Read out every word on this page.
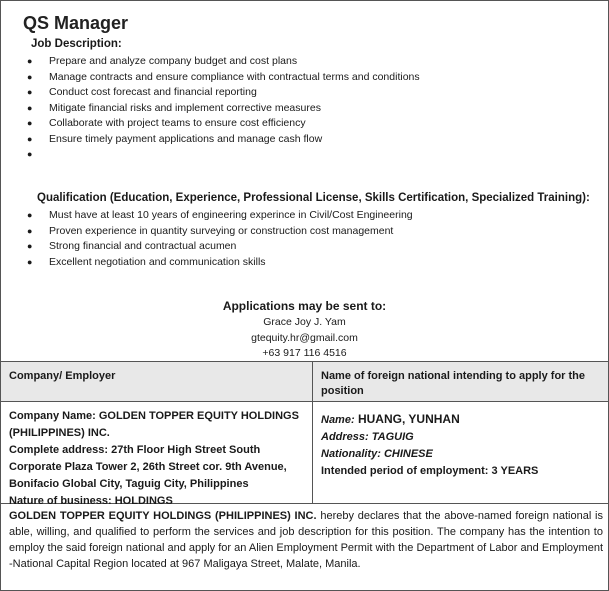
QS Manager
Job Description:
● Prepare and analyze company budget and cost plans
● Manage contracts and ensure compliance with contractual terms and conditions
● Conduct cost forecast and financial reporting
● Mitigate financial risks and implement corrective measures
● Collaborate with project teams to ensure cost efficiency
● Ensure timely payment applications and manage cash flow
●
Qualification (Education, Experience, Professional License, Skills Certification, Specialized Training):
● Must have at least 10 years of engineering experince in Civil/Cost Engineering
● Proven experience in quantity surveying or construction cost management
● Strong financial and contractual acumen
● Excellent negotiation and communication skills
Applications may be sent to:
Grace Joy J. Yam
gtequity.hr@gmail.com
+63 917 116 4516
Company/ Employer	Name of foreign national intending to apply for the position
Company Name: GOLDEN TOPPER EQUITY HOLDINGS (PHILIPPINES) INC.
Complete address: 27th Floor High Street South Corporate Plaza Tower 2, 26th Street cor. 9th Avenue, Bonifacio Global City, Taguig City, Philippines
Nature of business: HOLDINGS
Name: HUANG, YUNHAN
Address: TAGUIG
Nationality: CHINESE
Intended period of employment: 3 YEARS
GOLDEN TOPPER EQUITY HOLDINGS (PHILIPPINES) INC. hereby declares that the above-named foreign national is able, willing, and qualified to perform the services and job description for this position. The company has the intention to employ the said foreign national and apply for an Alien Employment Permit with the Department of Labor and Employment -National Capital Region located at 967 Maligaya Street, Malate, Manila.
